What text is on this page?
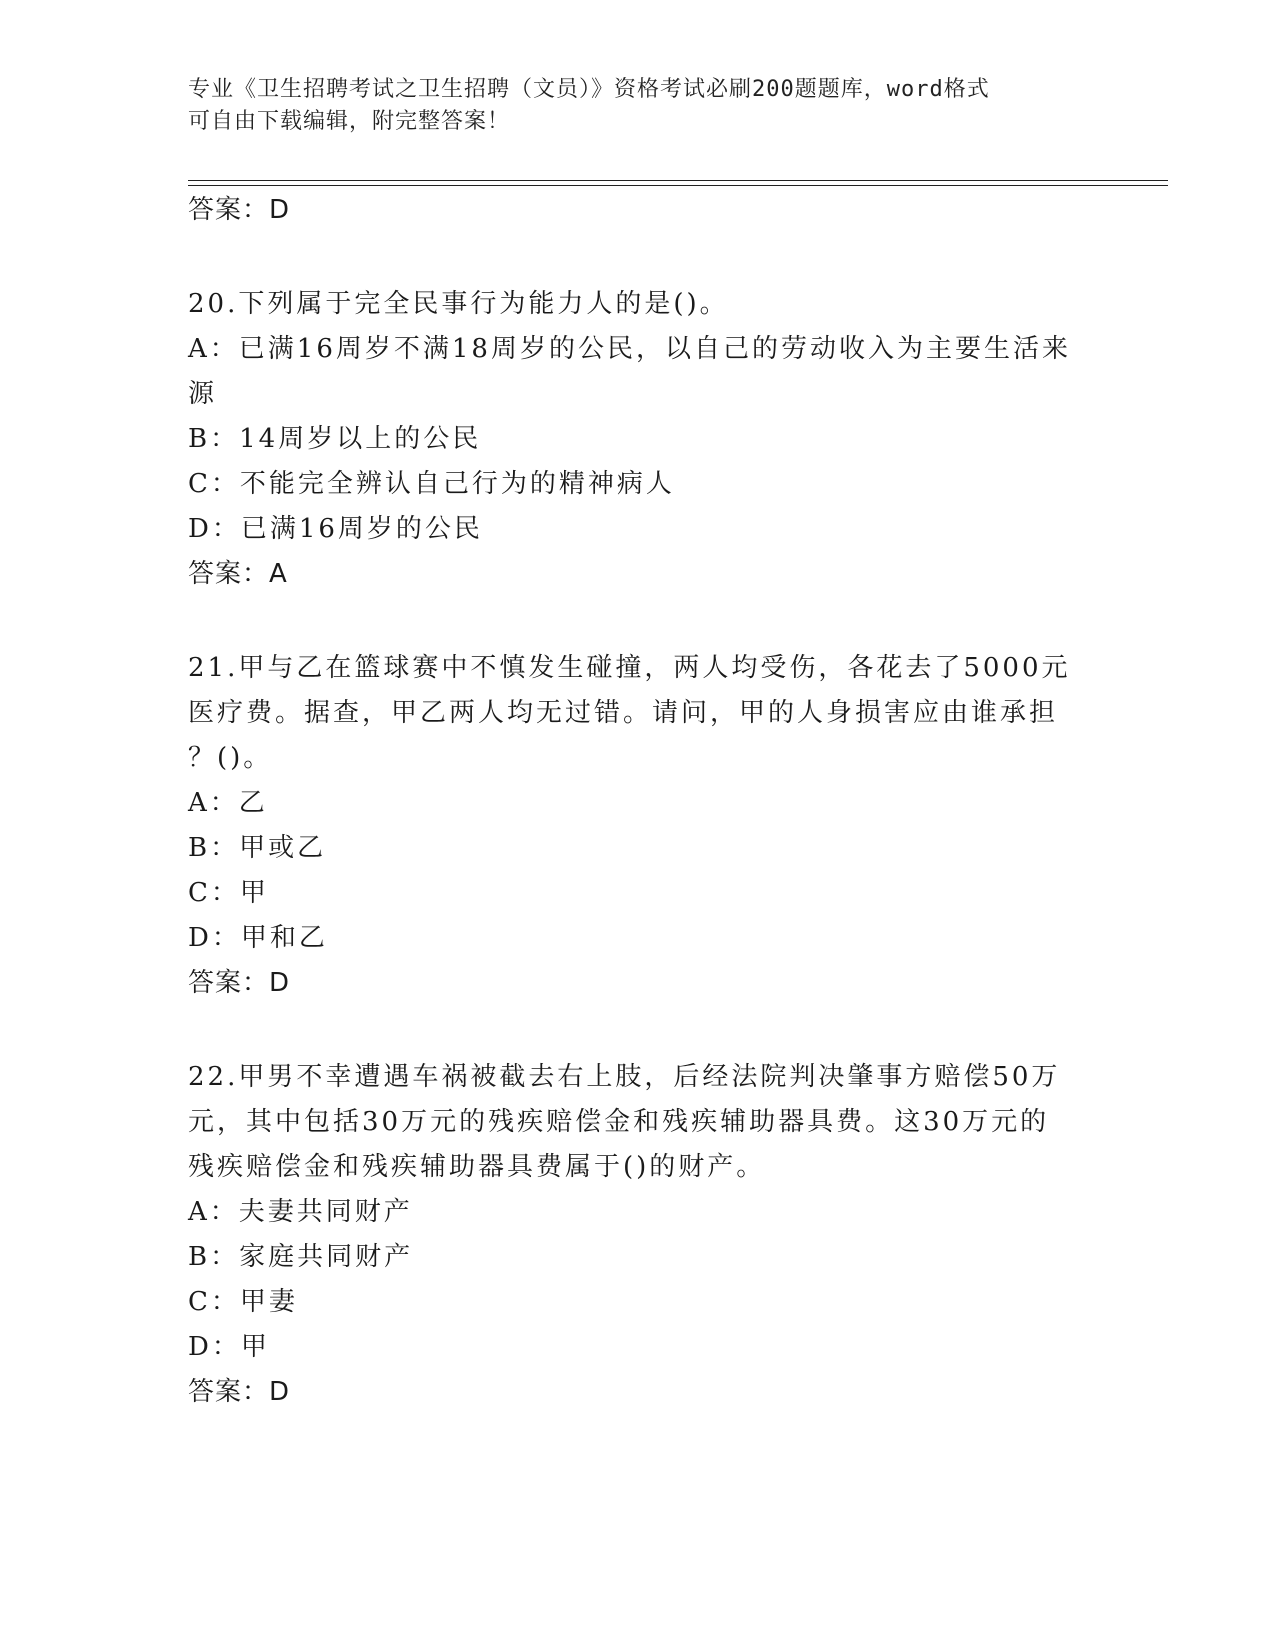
专业《卫生招聘考试之卫生招聘（文员）》资格考试必刷200题题库，word格式
可自由下载编辑，附完整答案！
答案：D
20.下列属于完全民事行为能力人的是()。
A：已满16周岁不满18周岁的公民，以自己的劳动收入为主要生活来
源
B：14周岁以上的公民
C：不能完全辨认自己行为的精神病人
D：已满16周岁的公民
答案：A
21.甲与乙在篮球赛中不慎发生碰撞，两人均受伤，各花去了5000元
医疗费。据查，甲乙两人均无过错。请问，甲的人身损害应由谁承担
？()。
A：乙
B：甲或乙
C：甲
D：甲和乙
答案：D
22.甲男不幸遭遇车祸被截去右上肢，后经法院判决肇事方赔偿50万
元，其中包括30万元的残疾赔偿金和残疾辅助器具费。这30万元的
残疾赔偿金和残疾辅助器具费属于()的财产。
A：夫妻共同财产
B：家庭共同财产
C：甲妻
D：甲
答案：D
